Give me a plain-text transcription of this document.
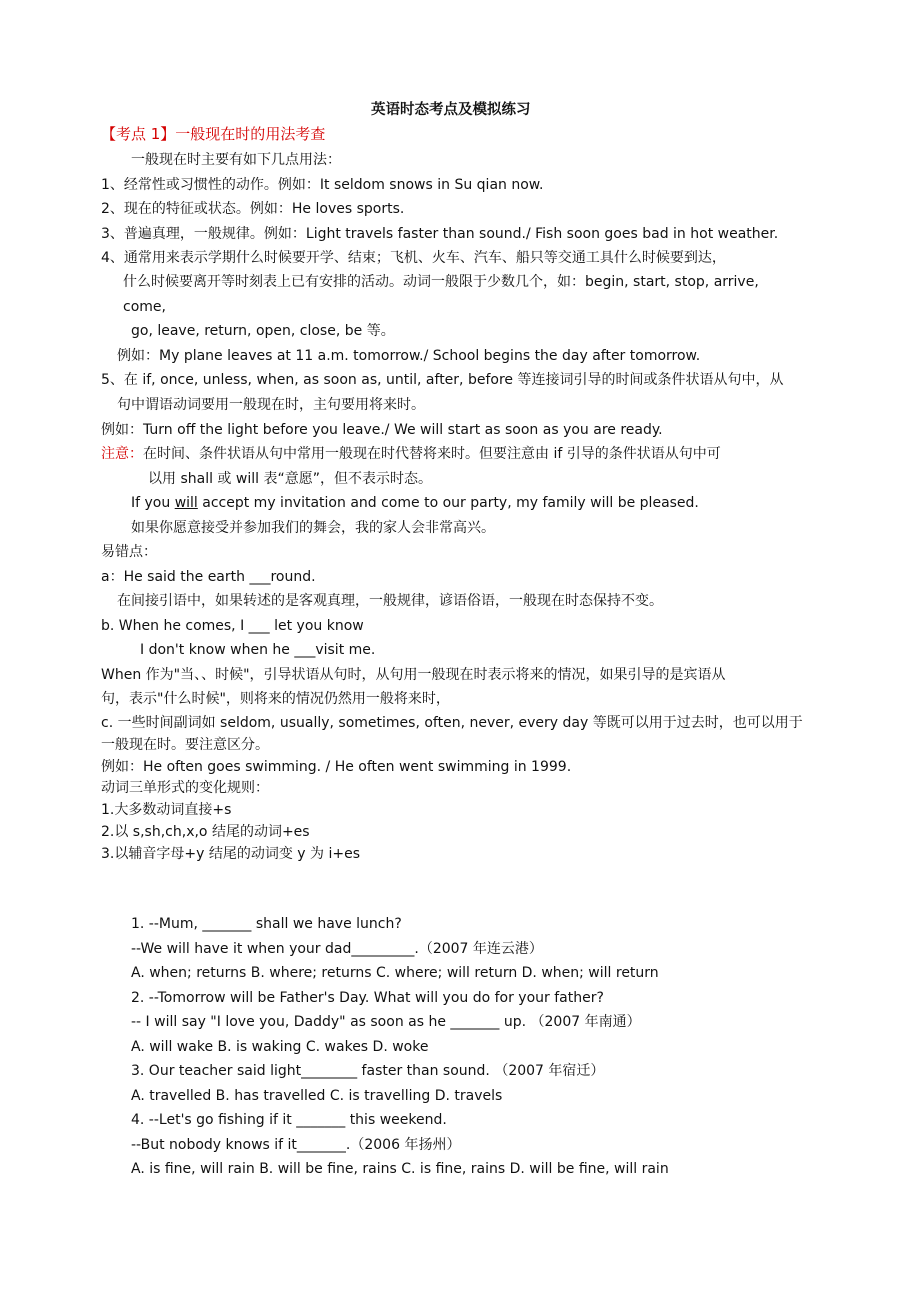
英语时态考点及模拟练习
【考点 1】一般现在时的用法考查
一般现在时主要有如下几点用法：
1、经常性或习惯性的动作。例如：It seldom snows in Su qian now.
2、现在的特征或状态。例如：He loves sports.
3、普遍真理，一般规律。例如：Light travels faster than sound./ Fish soon goes bad in hot weather.
4、通常用来表示学期什么时候要开学、结束；飞机、火车、汽车、船只等交通工具什么时候要到达，
什么时候要离开等时刻表上已有安排的活动。动词一般限于少数几个，如：begin, start, stop, arrive,
come,
go, leave, return, open, close, be 等。
例如：My plane leaves at 11 a.m. tomorrow./ School begins the day after tomorrow.
5、在 if, once, unless, when, as soon as, until, after, before 等连接词引导的时间或条件状语从句中，从
句中谓语动词要用一般现在时，主句要用将来时。
例如：Turn off the light before you leave./ We will start as soon as you are ready.
注意：在时间、条件状语从句中常用一般现在时代替将来时。但要注意由 if 引导的条件状语从句中可
以用 shall 或 will 表“意愿”，但不表示时态。
If you will accept my invitation and come to our party, my family will be pleased.
如果你愿意接受并参加我们的舞会，我的家人会非常高兴。
易错点：
a：He said the earth ___round.
在间接引语中，如果转述的是客观真理，一般规律，谚语俗语，一般现在时态保持不变。
b. When he comes, I ___ let you know
I don't know when he ___visit me.
When 作为"当、、时候"，引导状语从句时，从句用一般现在时表示将来的情况，如果引导的是宾语从
句，表示"什么时候"，则将来的情况仍然用一般将来时，
c. 一些时间副词如 seldom, usually, sometimes, often, never, every day 等既可以用于过去时，也可以用于
一般现在时。要注意区分。
例如：He often goes swimming. / He often went swimming in 1999.
动词三单形式的变化规则：
1.大多数动词直接+s
2.以 s,sh,ch,x,o 结尾的动词+es
3.以辅音字母+y 结尾的动词变 y 为 i+es
1. --Mum, _______ shall we have lunch?
--We will have it when your dad_________.（2007 年连云港）
A. when; returns B. where; returns C. where; will return D. when; will return
2. --Tomorrow will be Father's Day. What will you do for your father?
-- I will say "I love you, Daddy" as soon as he _______ up. （2007 年南通）
A. will wake B. is waking C. wakes D. woke
3. Our teacher said light________ faster than sound. （2007 年宿迁）
A. travelled B. has travelled C. is travelling D. travels
4. --Let's go fishing if it _______ this weekend.
--But nobody knows if it_______.（2006 年扬州）
A. is fine, will rain B. will be fine, rains C. is fine, rains D. will be fine, will rain
